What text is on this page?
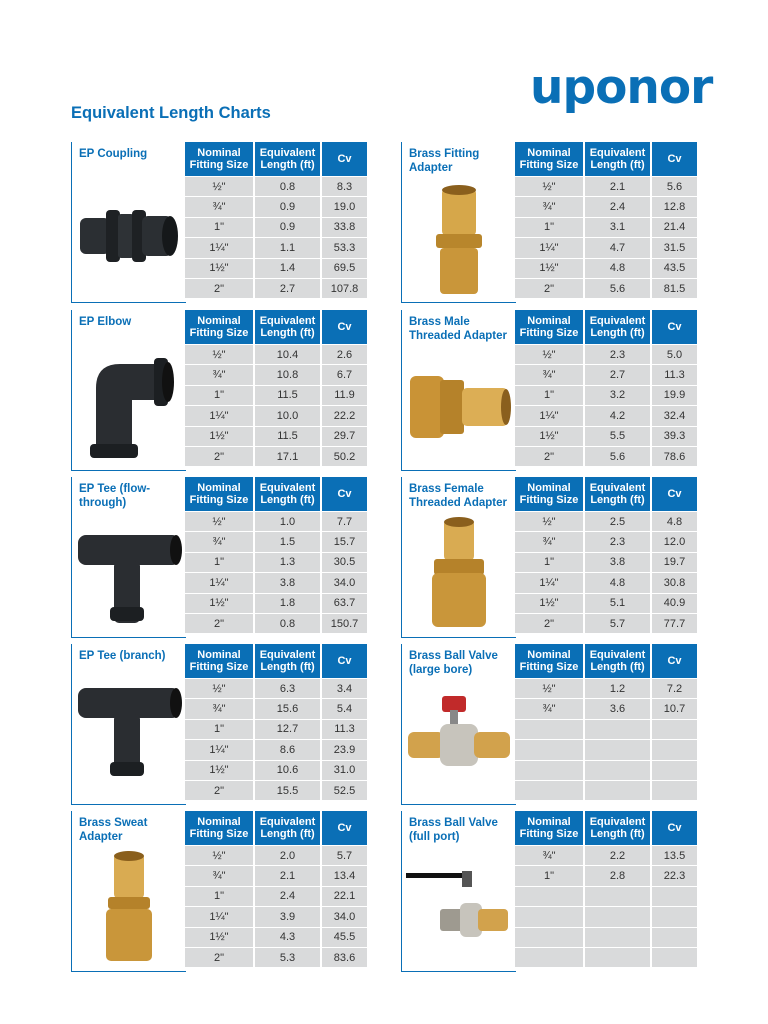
uponor
Equivalent Length Charts
EP Coupling	Nominal Fitting Size
Equivalent Length (ft)	Cv
½"	0.8	8.3
¾"	0.9	19.0
1"	0.9	33.8
1¼"	1.1	53.3
1½"	1.4	69.5
2"	2.7	107.8
Brass Fitting Adapter
Nominal Fitting Size
Equivalent Length (ft)	Cv
½"	2.1	5.6
¾"	2.4	12.8
1"	3.1	21.4
1¼"	4.7	31.5
1½"	4.8	43.5
2"	5.6	81.5
EP Elbow	Nominal Fitting Size
Equivalent Length (ft)	Cv
½"	10.4	2.6
¾"	10.8	6.7
1"	11.5	11.9
1¼"	10.0	22.2
1½"	11.5	29.7
2"	17.1	50.2
Brass Male Threaded Adapter
Nominal Fitting Size
Equivalent Length (ft)	Cv
½"	2.3	5.0
¾"	2.7	11.3
1"	3.2	19.9
1¼"	4.2	32.4
1½"	5.5	39.3
2"	5.6	78.6
EP Tee (flow-through)
Nominal Fitting Size
Equivalent Length (ft)	Cv
½"	1.0	7.7
¾"	1.5	15.7
1"	1.3	30.5
1¼"	3.8	34.0
1½"	1.8	63.7
2"	0.8	150.7
Brass Female Threaded Adapter
Nominal Fitting Size
Equivalent Length (ft)	Cv
½"	2.5	4.8
¾"	2.3	12.0
1"	3.8	19.7
1¼"	4.8	30.8
1½"	5.1	40.9
2"	5.7	77.7
EP Tee (branch)	Nominal Fitting Size
Equivalent Length (ft)	Cv
½"	6.3	3.4
¾"	15.6	5.4
1"	12.7	11.3
1¼"	8.6	23.9
1½"	10.6	31.0
2"	15.5	52.5
Brass Ball Valve (large bore)
Nominal Fitting Size
Equivalent Length (ft)	Cv
½"	1.2	7.2
¾"	3.6	10.7
Brass Sweat Adapter
Nominal Fitting Size
Equivalent Length (ft)	Cv
½"	2.0	5.7
¾"	2.1	13.4
1"	2.4	22.1
1¼"	3.9	34.0
1½"	4.3	45.5
2"	5.3	83.6
Brass Ball Valve (full port)
Nominal Fitting Size
Equivalent Length (ft)	Cv
¾"	2.2	13.5
1"	2.8	22.3
